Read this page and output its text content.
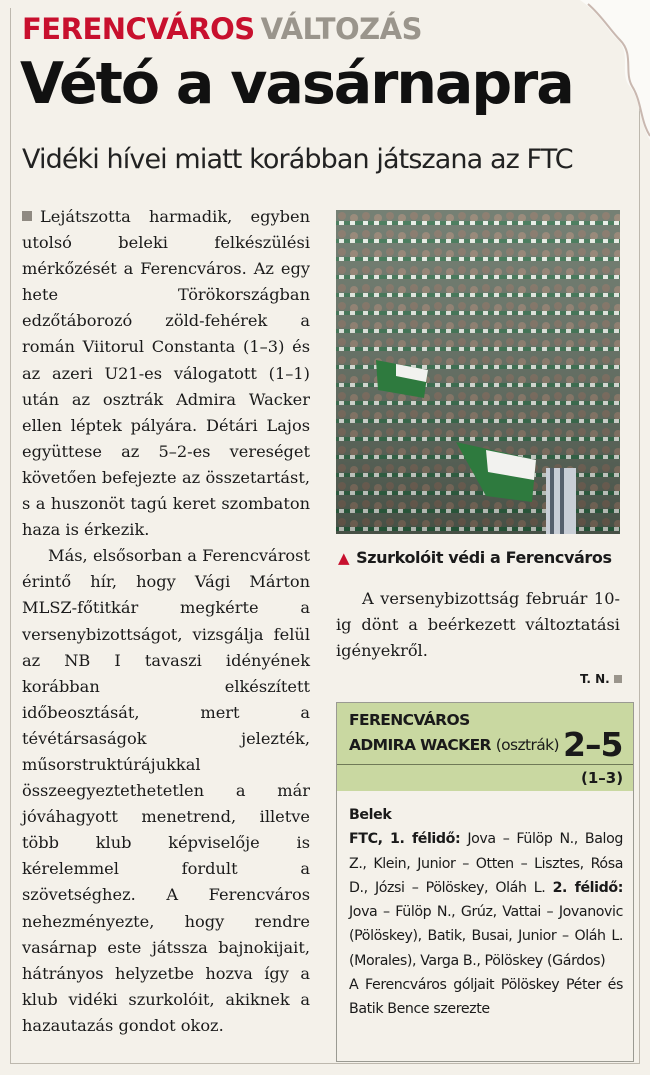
FERENCVÁROS VÁLTOZÁS
Vétó a vasárnapra
Vidéki hívei miatt korábban játszana az FTC

Lejátszotta harmadik, egyben utolsó beleki felkészülési mérkőzését a Ferencváros. Az egy hete Törökországban edzőtáborozó zöld-fehérek a román Viitorul Constanta (1–3) és az azeri U21-es válogatott (1–1) után az osztrák Admira Wacker ellen léptek pályára. Détári Lajos együttese az 5–2-es vereséget követően befejezte az összetartást, s a huszonöt tagú keret szombaton haza is érkezik.

Más, elsősorban a Ferencvárost érintő hír, hogy Vági Márton MLSZ-főtitkár megkérte a versenybizottságot, vizsgálja felül az NB I tavaszi idényének korábban elkészített időbeosztását, mert a tévétársaságok jelezték, műsorstruktúrájukkal összeegyeztethetetlen a már jóváhagyott menetrend, illetve több klub képviselője is kérelemmel fordult a szövetséghez. A Ferencváros nehezményezte, hogy rendre vasárnap este játssza bajnokijait, hátrányos helyzetbe hozva így a klub vidéki szurkolóit, akiknek a hazautazás gondot okoz.

▲ Szurkolóit védi a Ferencváros

A versenybizottság február 10-ig dönt a beérkezett változtatási igényekről.

T. N.
FERENCVÁROS
ADMIRA WACKER (osztrák) 2–5
(1–3)

Belek

FTC, 1. félidő: Jova – Fülöp N., Balog Z., Klein, Junior – Otten – Lisztes, Rósa D., Józsi – Pölöskey, Oláh L. 2. félidő: Jova – Fülöp N., Grúz, Vattai – Jovanovic (Pölöskey), Batik, Busai, Junior – Oláh L. (Morales), Varga B., Pölöskey (Gárdos)

A Ferencváros góljait Pölöskey Péter és Batik Bence szerezte
